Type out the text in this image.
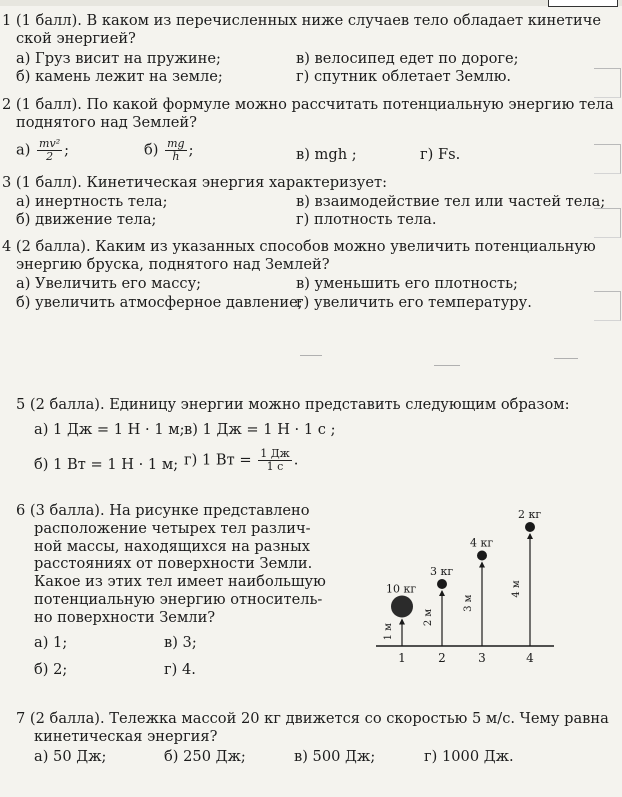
1 (1 балл). В каком из перечисленных ниже случаев тело обладает кинетиче
ской энергией?
а) Груз висит на пружине;	в) велосипед едет по дороге;
б) камень лежит на земле;	г) спутник облетает Землю.
2 (1 балл). По какой формуле можно рассчитать потенциальную энергию тела
поднятого над Землей?
$а) \frac{\text{mv²}}{2}$ ;	$б) \frac{mg}{h}$ ;	в) mgh ;	г) Fs.
3 (1 балл). Кинетическая энергия характеризует:
а) инертность тела;	в) взаимодействие тел или частей тела;
б) движение тела;	г) плотность тела.
4 (2 балла). Каким из указанных способов можно увеличить потенциальную
энергию бруска, поднятого над Землей?
а) Увеличить его массу;	в) уменьшить его плотность;
б) увеличить атмосферное давление;
г) увеличить его температуру.
5 (2 балла). Единицу энергии можно представить следующим образом:
а) 1 Дж = 1 Н · 1 м; в) 1 Дж = 1 Н · 1 с ;
б) 1 Вт = 1 Н · 1 м; г) 1 Вт = $\frac{1 Дж}{1 с}$ .
6 (3 балла). На рисунке представлено
расположение четырех тел различ-
ной массы, находящихся на разных
расстояниях от поверхности Земли.
Какое из этих тел имеет наибольшую
потенциальную энергию относитель-
но поверхности Земли?
а) 1;	в) 3;
б) 2;	г) 4.
10 кг
1 м
1
3 кг
2 м
2
4 кг
3 м
3
2 кг
4 м
4
7 (2 балла). Тележка массой 20 кг движется со скоростью 5 м/с. Чему равна
кинетическая энергия?
а) 50 Дж;	б) 250 Дж;	в) 500 Дж;	г) 1000 Дж.
